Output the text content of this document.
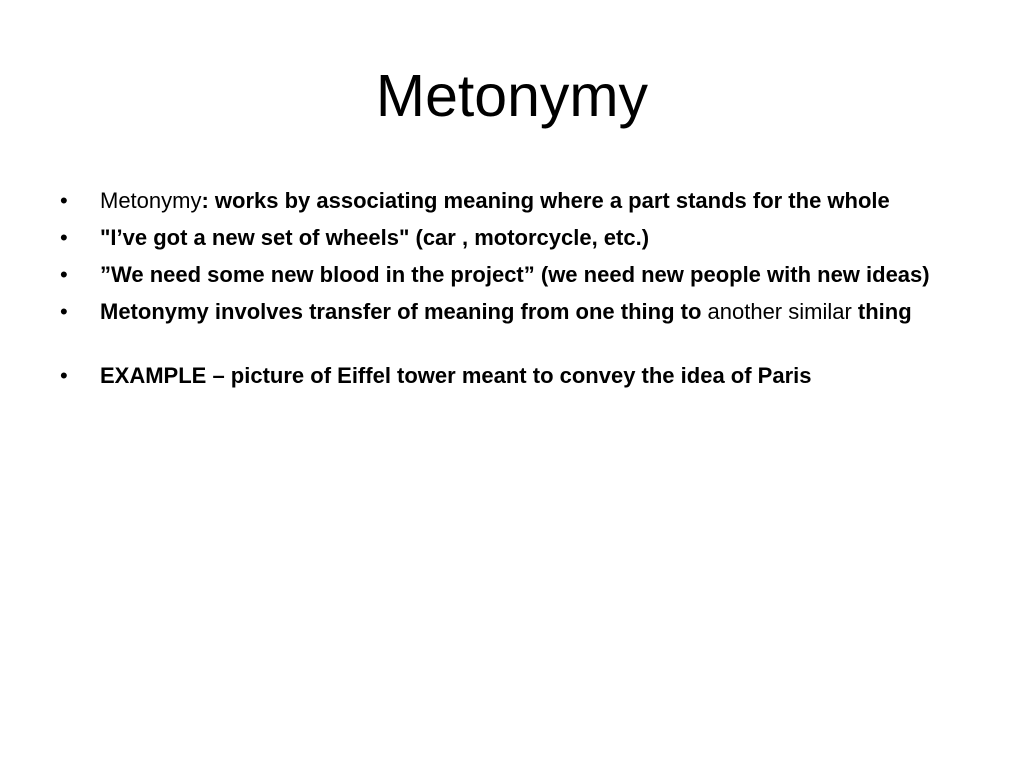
Metonymy
•	Metonymy: works by associating meaning where a part stands for the whole
•	"I’ve got a new set of wheels" (car , motorcycle, etc.)
•	”We need some new blood in the project” (we need new people with new ideas)
•	Metonymy involves transfer of meaning from one thing to another similar thing
•	EXAMPLE – picture of Eiffel tower meant to convey the idea of Paris
